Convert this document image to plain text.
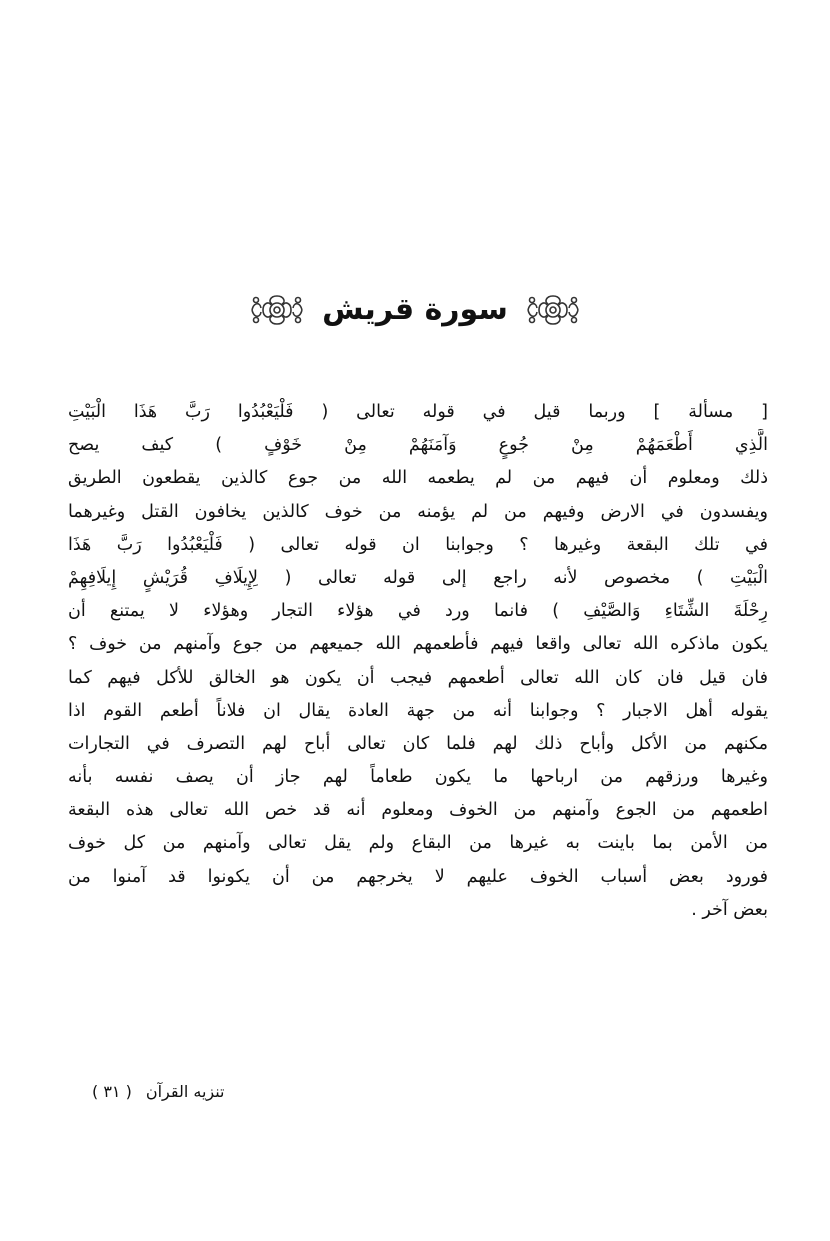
سورة قريش
[ مسألة ] وربما قيل في قوله تعالى ( فَلْيَعْبُدُوا رَبَّ هَذَا الْبَيْتِ
الَّذِي أَطْعَمَهُمْ مِنْ جُوعٍ وَآمَنَهُمْ مِنْ خَوْفٍ ) كيف يصح
ذلك ومعلوم أن فيهم من لم يطعمه الله من جوع كالذين يقطعون الطريق
ويفسدون في الارض وفيهم من لم يؤمنه من خوف كالذين يخافون القتل وغيرهما
في تلك البقعة وغيرها ؟ وجوابنا ان قوله تعالى ( فَلْيَعْبُدُوا رَبَّ هَذَا
الْبَيْتِ ) مخصوص لأنه راجع إلى قوله تعالى ( لِإِيلَافِ قُرَيْشٍ إِيلَافِهِمْ
رِحْلَةَ الشِّتَاءِ وَالصَّيْفِ ) فانما ورد في هؤلاء التجار وهؤلاء لا يمتنع أن
يكون ماذكره الله تعالى واقعا فيهم فأطعمهم الله جميعهم من جوع وآمنهم من خوف ؟
فان قيل فان كان الله تعالى أطعمهم فيجب أن يكون هو الخالق للأكل فيهم كما
يقوله أهل الاجبار ؟ وجوابنا أنه من جهة العادة يقال ان فلاناً أطعم القوم اذا
مكنهم من الأكل وأباح ذلك لهم فلما كان تعالى أباح لهم التصرف في التجارات
وغيرها ورزقهم من ارباحها ما يكون طعاماً لهم جاز أن يصف نفسه بأنه
اطعمهم من الجوع وآمنهم من الخوف ومعلوم أنه قد خص الله تعالى هذه البقعة
من الأمن بما باينت به غيرها من البقاع ولم يقل تعالى وآمنهم من كل خوف
فورود بعض أسباب الخوف عليهم لا يخرجهم من أن يكونوا قد آمنوا من
بعض آخر .
تنزيه القرآن
( ٣١ )
